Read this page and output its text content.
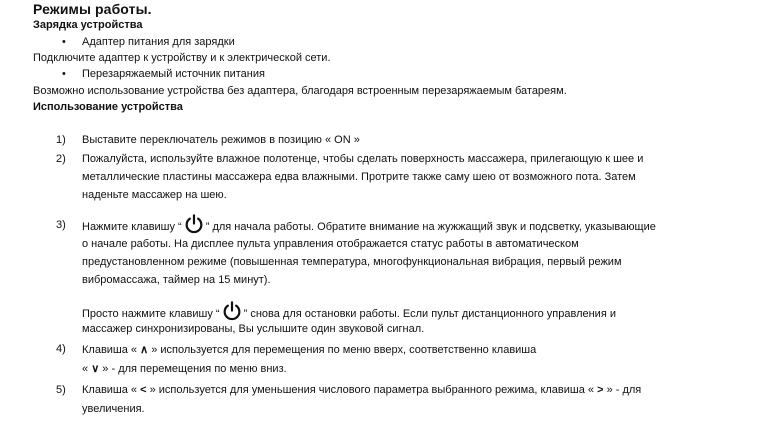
Режимы работы.
Зарядка устройства
• Адаптер питания для зарядки
Подключите адаптер к устройству и к электрической сети.
• Перезаряжаемый источник питания
Возможно использование устройства без адаптера, благодаря встроенным перезаряжаемым батареям.
Использование устройства
1) Выставите переключатель режимов в позицию « ON »
2) Пожалуйста, используйте влажное полотенце, чтобы сделать поверхность массажера, прилегающую к шее и
металлические пластины массажера едва влажными. Протрите также саму шею от возможного пота. Затем
наденьте массажер на шею.
3) Нажмите клавишу “ ” для начала работы. Обратите внимание на жужжащий звук и подсветку, указывающие
о начале работы. На дисплее пульта управления отображается статус работы в автоматическом
предустановленном режиме (повышенная температура, многофункциональная вибрация, первый режим
вибромассажа, таймер на 15 минут).
Просто нажмите клавишу “ ” снова для остановки работы. Если пульт дистанционного управления и
массажер синхронизированы, Вы услышите один звуковой сигнал.
4) Клавиша « ∧ » используется для перемещения по меню вверх, соответственно клавиша
« ∨ » - для перемещения по меню вниз.
5) Клавиша « < » используется для уменьшения числового параметра выбранного режима, клавиша « > » - для
увеличения.
